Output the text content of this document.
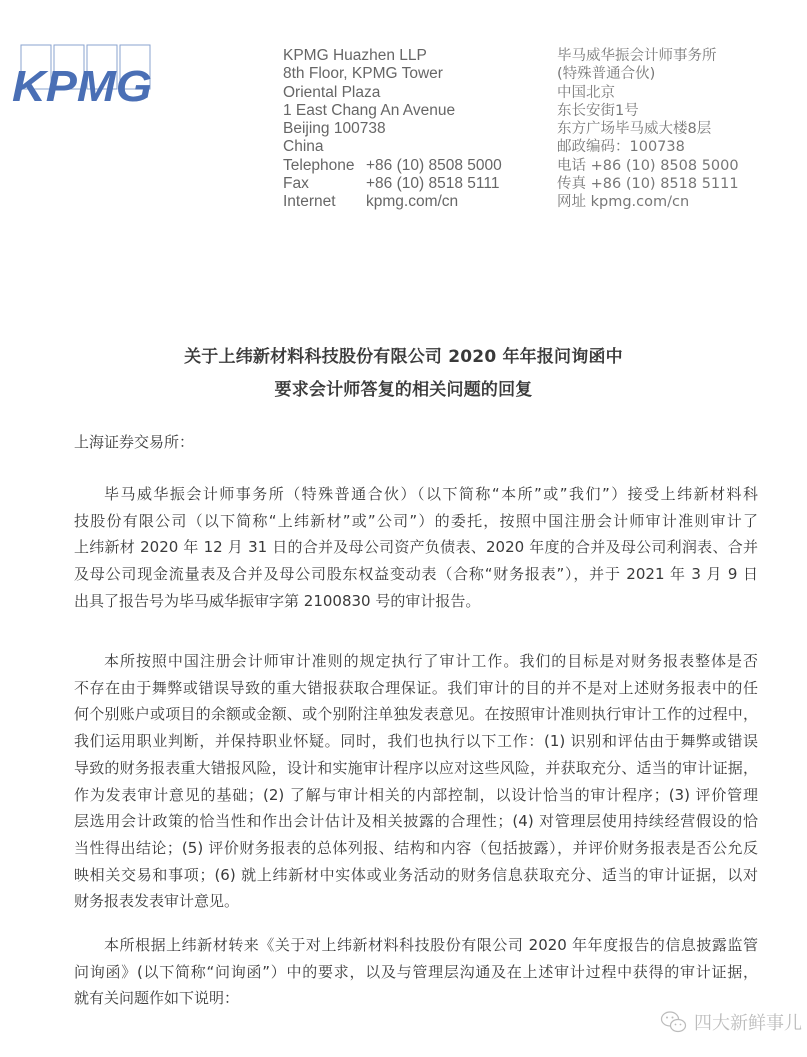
KPMG
KPMG Huazhen LLP
8th Floor, KPMG Tower
Oriental Plaza
1 East Chang An Avenue
Beijing 100738
China
Telephone +86 (10) 8508 5000
Fax	+86 (10) 8518 5111
Internet kpmg.com/cn
毕马威华振会计师事务所
(特殊普通合伙)
中国北京
东长安街1号
东方广场毕马威大楼8层
邮政编码：100738
电话 +86 (10) 8508 5000
传真 +86 (10) 8518 5111
网址 kpmg.com/cn
关于上纬新材料科技股份有限公司 2020 年年报问询函中
要求会计师答复的相关问题的回复
上海证券交易所：
毕马威华振会计师事务所（特殊普通合伙）（以下简称“本所”或”我们”）接受上纬新材料科
技股份有限公司（以下简称“上纬新材”或”公司”）的委托，按照中国注册会计师审计准则审计了
上纬新材 2020 年 12 月 31 日的合并及母公司资产负债表、2020 年度的合并及母公司利润表、合并
及母公司现金流量表及合并及母公司股东权益变动表（合称“财务报表”），并于 2021 年 3 月 9 日
出具了报告号为毕马威华振审字第 2100830 号的审计报告。
本所按照中国注册会计师审计准则的规定执行了审计工作。我们的目标是对财务报表整体是否
不存在由于舞弊或错误导致的重大错报获取合理保证。我们审计的目的并不是对上述财务报表中的任
何个别账户或项目的余额或金额、或个别附注单独发表意见。在按照审计准则执行审计工作的过程中，
我们运用职业判断，并保持职业怀疑。同时，我们也执行以下工作：(1) 识别和评估由于舞弊或错误
导致的财务报表重大错报风险，设计和实施审计程序以应对这些风险，并获取充分、适当的审计证据，
作为发表审计意见的基础；(2) 了解与审计相关的内部控制，以设计恰当的审计程序；(3) 评价管理
层选用会计政策的恰当性和作出会计估计及相关披露的合理性；(4) 对管理层使用持续经营假设的恰
当性得出结论；(5) 评价财务报表的总体列报、结构和内容（包括披露），并评价财务报表是否公允反
映相关交易和事项；(6) 就上纬新材中实体或业务活动的财务信息获取充分、适当的审计证据，以对
财务报表发表审计意见。
本所根据上纬新材转来《关于对上纬新材料科技股份有限公司 2020 年年度报告的信息披露监管
问询函》(以下简称“问询函”）中的要求，以及与管理层沟通及在上述审计过程中获得的审计证据，
就有关问题作如下说明：
四大新鲜事儿
